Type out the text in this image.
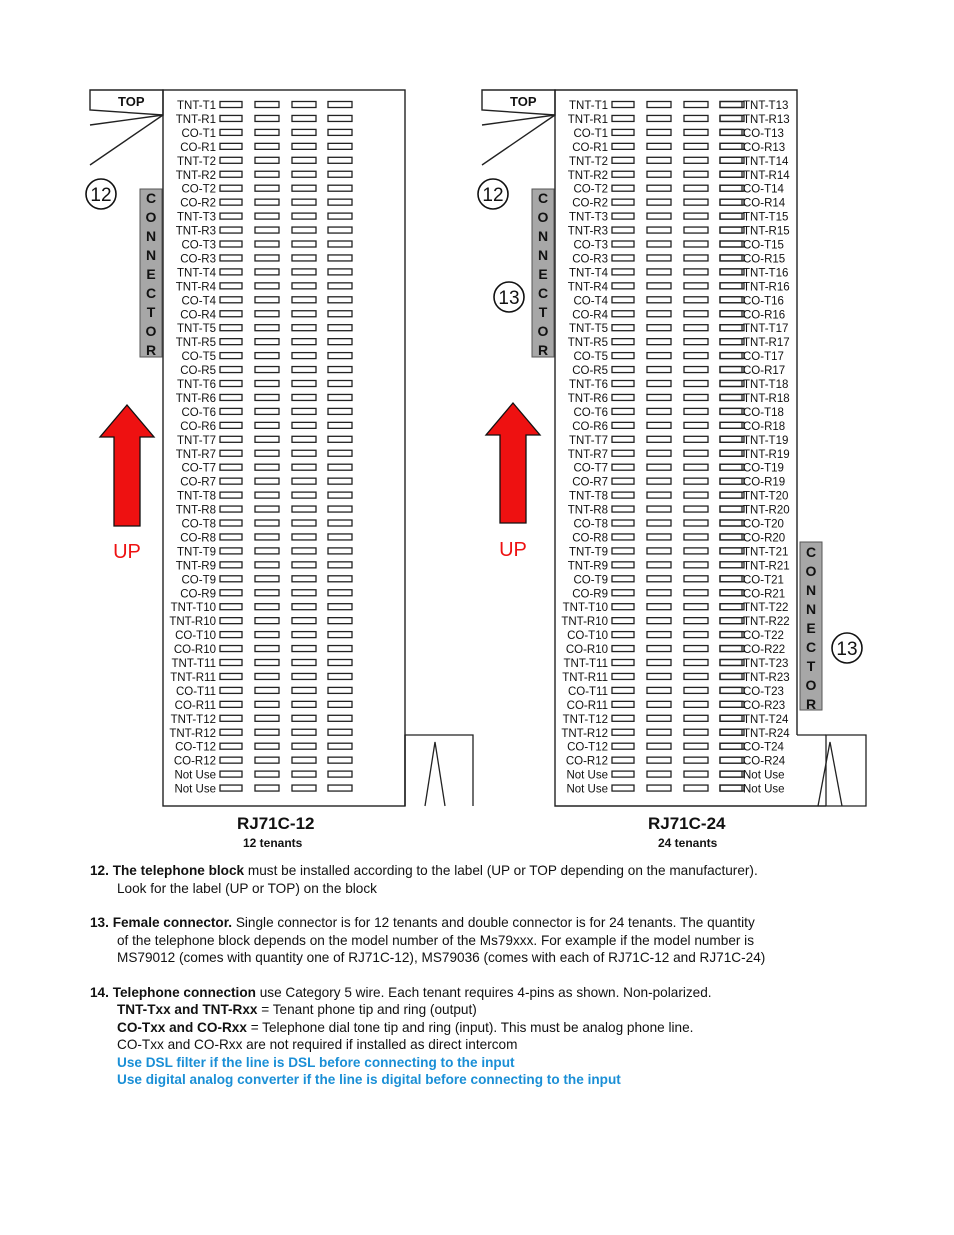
TOP	TNT-T1
TNT-R1
CO-T1
CO-R1
TNT-T2
TNT-R2
CO-T2
CO-R2
TNT-T3
TNT-R3
CO-T3
CO-R3
TNT-T4
TNT-R4
CO-T4
CO-R4
TNT-T5
TNT-R5
CO-T5
CO-R5
TNT-T6
TNT-R6
CO-T6
CO-R6
TNT-T7
TNT-R7
CO-T7
CO-R7
TNT-T8
TNT-R8
CO-T8
CO-R8
TNT-T9
TNT-R9
CO-T9
CO-R9
TNT-T10
TNT-R10
CO-T10
CO-R10
TNT-T11
TNT-R11
CO-T11
CO-R11
TNT-T12
TNT-R12
CO-T12
CO-R12
Not Use
Not Use
C
O
N
N
E
C
T
O
R
12
UP
TOP	TNT-T1	TNT-T13
TNT-R1	TNT-R13
CO-T1	CO-T13
CO-R1	CO-R13
TNT-T2	TNT-T14
TNT-R2	TNT-R14
CO-T2	CO-T14
CO-R2	CO-R14
TNT-T3	TNT-T15
TNT-R3	TNT-R15
CO-T3	CO-T15
CO-R3	CO-R15
TNT-T4	TNT-T16
TNT-R4	TNT-R16
CO-T4	CO-T16
CO-R4	CO-R16
TNT-T5	TNT-T17
TNT-R5	TNT-R17
CO-T5	CO-T17
CO-R5	CO-R17
TNT-T6	TNT-T18
TNT-R6	TNT-R18
CO-T6	CO-T18
CO-R6	CO-R18
TNT-T7	TNT-T19
TNT-R7	TNT-R19
CO-T7	CO-T19
CO-R7	CO-R19
TNT-T8	TNT-T20
TNT-R8	TNT-R20
CO-T8	CO-T20
CO-R8	CO-R20
TNT-T9	TNT-T21
TNT-R9	TNT-R21
CO-T9	CO-T21
CO-R9	CO-R21
TNT-T10	TNT-T22
TNT-R10	TNT-R22
CO-T10	CO-T22
CO-R10	CO-R22
TNT-T11	TNT-T23
TNT-R11	TNT-R23
CO-T11	CO-T23
CO-R11	CO-R23
TNT-T12	TNT-T24
TNT-R12	TNT-R24
CO-T12	CO-T24
CO-R12	CO-R24
Not Use	Not Use
Not Use	Not Use
C
O
N
N
E
C
T
O
R
C
O
N
N
E
C
T
O
R
12
13
13
UP
RJ71C-12
12 tenants
RJ71C-24
24 tenants
12. The telephone block must be installed according to the label (UP or TOP depending on the manufacturer).
Look for the label (UP or TOP) on the block
13. Female connector. Single connector is for 12 tenants and double connector is for 24 tenants. The quantity
of the telephone block depends on the model number of the Ms79xxx. For example if the model number is
MS79012 (comes with quantity one of RJ71C-12), MS79036 (comes with each of RJ71C-12 and RJ71C-24)
14. Telephone connection use Category 5 wire. Each tenant requires 4-pins as shown. Non-polarized.
TNT-Txx and TNT-Rxx = Tenant phone tip and ring (output)
CO-Txx and CO-Rxx = Telephone dial tone tip and ring (input). This must be analog phone line.
CO-Txx and CO-Rxx are not required if installed as direct intercom
Use DSL filter if the line is DSL before connecting to the input
Use digital analog converter if the line is digital before connecting to the input
